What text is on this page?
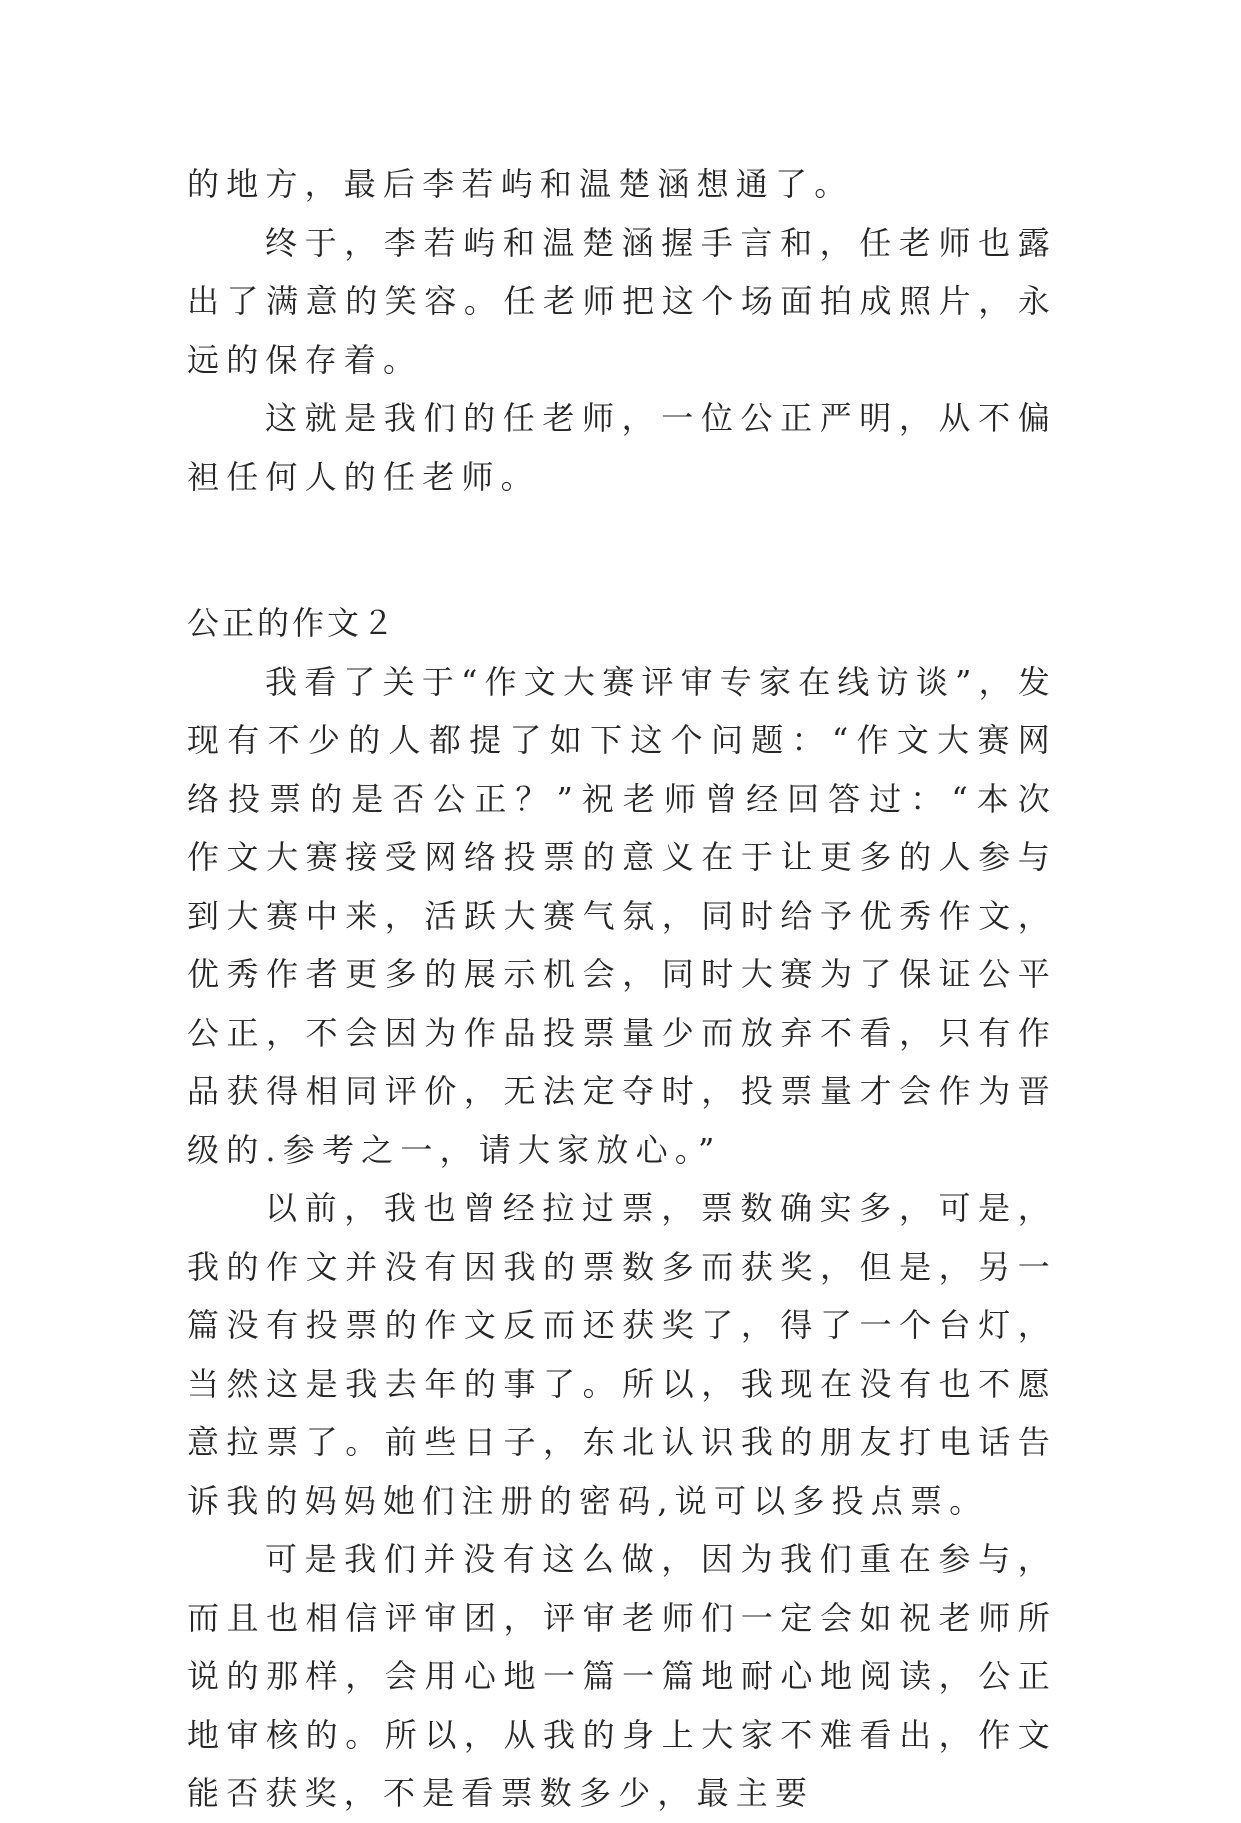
的地方，最后李若屿和温楚涵想通了。

终于，李若屿和温楚涵握手言和，任老师也露出了满意的笑容。任老师把这个场面拍成照片，永远的保存着。

这就是我们的任老师，一位公正严明，从不偏袒任何人的任老师。

公正的作文２

我看了关于“作文大赛评审专家在线访谈”，发现有不少的人都提了如下这个问题：“作文大赛网络投票的是否公正？”祝老师曾经回答过：“本次作文大赛接受网络投票的意义在于让更多的人参与到大赛中来，活跃大赛气氛，同时给予优秀作文，优秀作者更多的展示机会，同时大赛为了保证公平公正，不会因为作品投票量少而放弃不看，只有作品获得相同评价，无法定夺时，投票量才会作为晋级的.参考之一，请大家放心。”

以前，我也曾经拉过票，票数确实多，可是，我的作文并没有因我的票数多而获奖，但是，另一篇没有投票的作文反而还获奖了，得了一个台灯，当然这是我去年的事了。所以，我现在没有也不愿意拉票了。前些日子，东北认识我的朋友打电话告诉我的妈妈她们注册的密码,说可以多投点票。

可是我们并没有这么做，因为我们重在参与，而且也相信评审团，评审老师们一定会如祝老师所说的那样，会用心地一篇一篇地耐心地阅读，公正地审核的。所以，从我的身上大家不难看出，作文能否获奖，不是看票数多少，最主要
